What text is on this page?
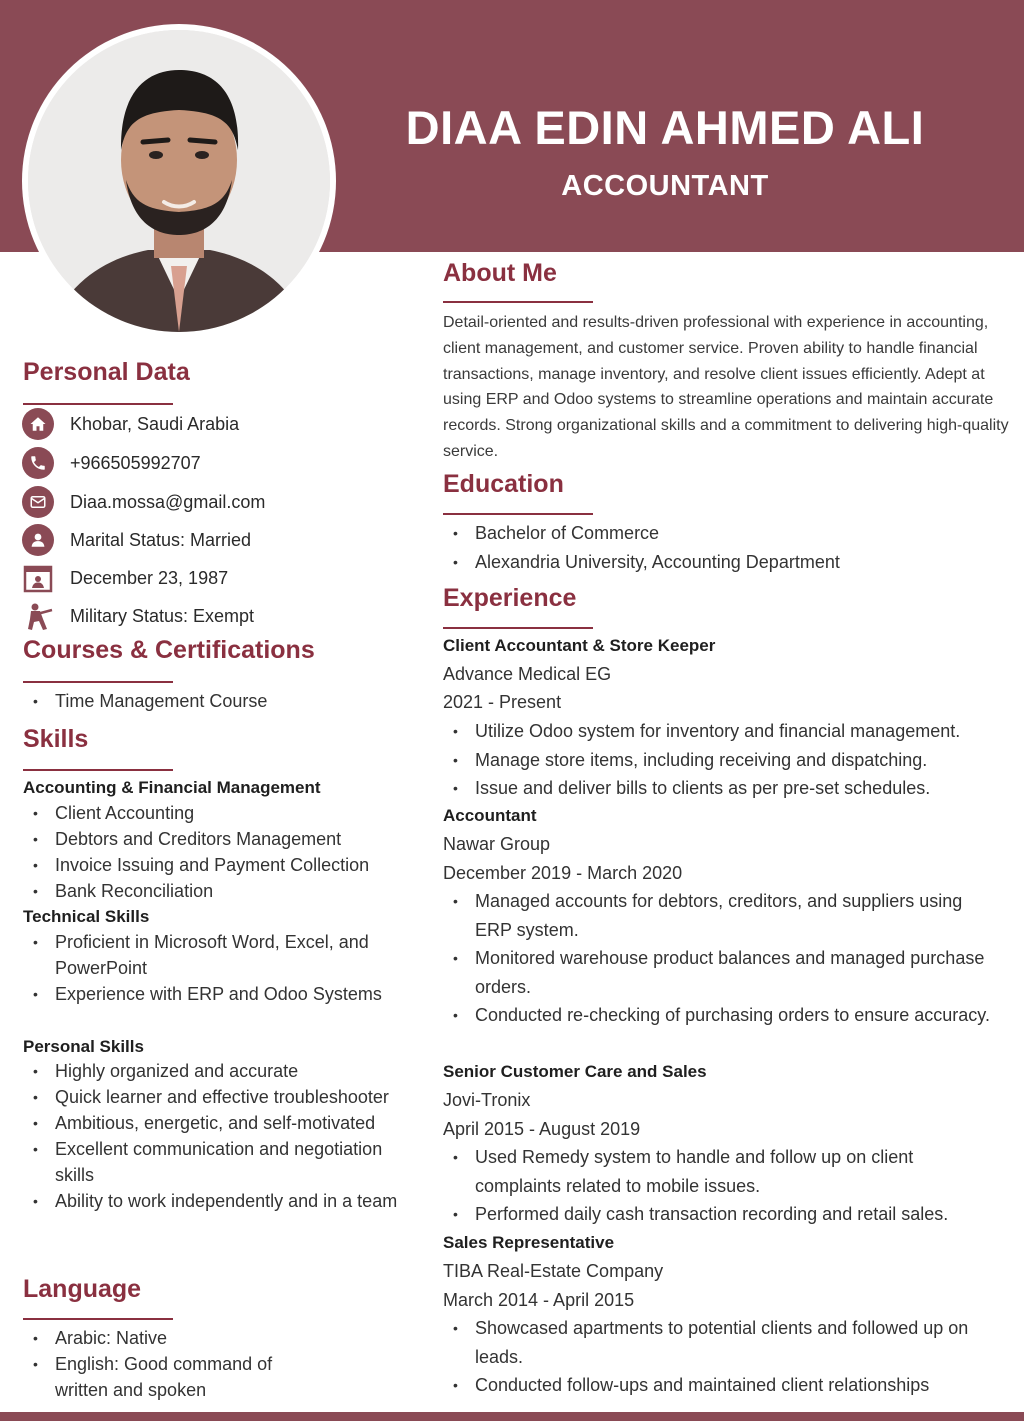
DIAA EDIN AHMED ALI
ACCOUNTANT
Personal Data
Khobar, Saudi Arabia
+966505992707
Diaa.mossa@gmail.com
Marital Status: Married
December 23, 1987
Military Status: Exempt
Courses & Certifications
• Time Management Course
Skills
Accounting & Financial Management
• Client Accounting
• Debtors and Creditors Management
• Invoice Issuing and Payment Collection
• Bank Reconciliation
Technical Skills
• Proficient in Microsoft Word, Excel, and PowerPoint
• Experience with ERP and Odoo Systems
Personal Skills
• Highly organized and accurate
• Quick learner and effective troubleshooter
• Ambitious, energetic, and self-motivated
• Excellent communication and negotiation skills
• Ability to work independently and in a team
Language
• Arabic: Native
• English: Good command of written and spoken
About Me
Detail-oriented and results-driven professional with experience in accounting, client management, and customer service. Proven ability to handle financial transactions, manage inventory, and resolve client issues efficiently. Adept at using ERP and Odoo systems to streamline operations and maintain accurate records. Strong organizational skills and a commitment to delivering high-quality service.
Education
• Bachelor of Commerce
• Alexandria University, Accounting Department
Experience
Client Accountant & Store Keeper
Advance Medical EG
2021 - Present
• Utilize Odoo system for inventory and financial management.
• Manage store items, including receiving and dispatching.
• Issue and deliver bills to clients as per pre-set schedules.
Accountant
Nawar Group
December 2019 - March 2020
• Managed accounts for debtors, creditors, and suppliers using ERP system.
• Monitored warehouse product balances and managed purchase orders.
• Conducted re-checking of purchasing orders to ensure accuracy.
Senior Customer Care and Sales
Jovi-Tronix
April 2015 - August 2019
• Used Remedy system to handle and follow up on client complaints related to mobile issues.
• Performed daily cash transaction recording and retail sales.
Sales Representative
TIBA Real-Estate Company
March 2014 - April 2015
• Showcased apartments to potential clients and followed up on leads.
• Conducted follow-ups and maintained client relationships
